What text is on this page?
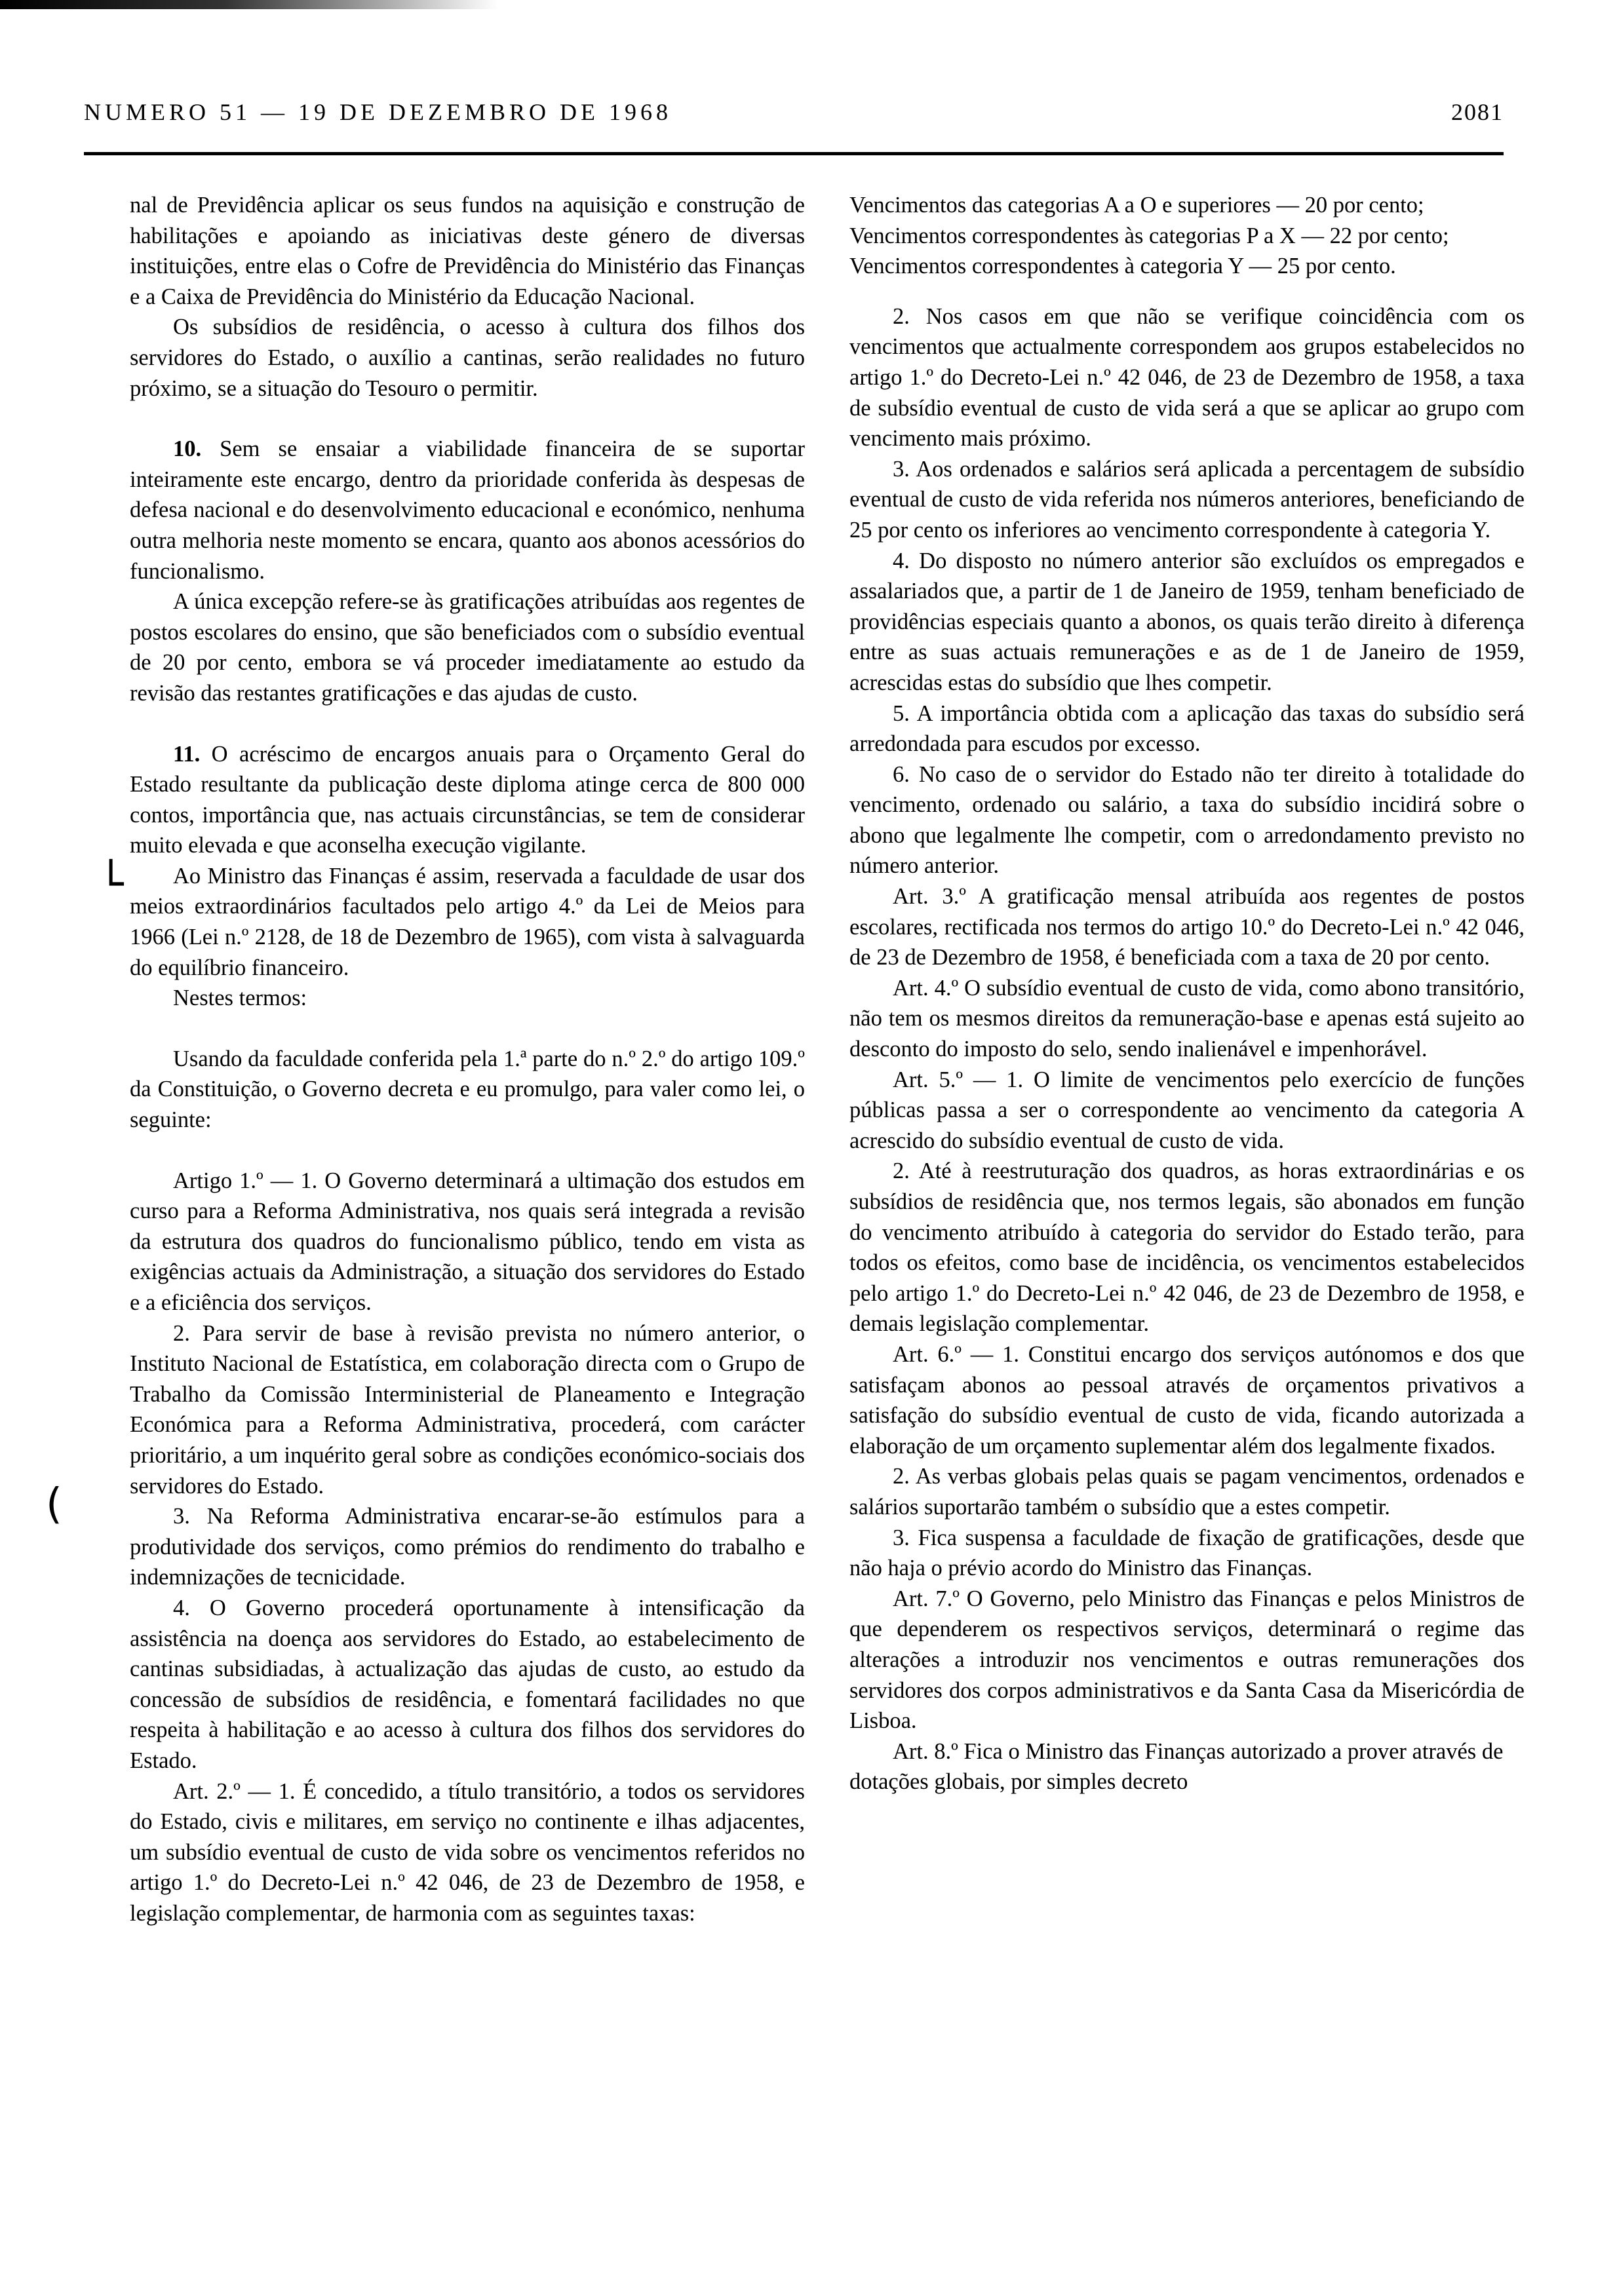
NUMERO 51 — 19 DE DEZEMBRO DE 1968	2081
└
(

nal de Previdência aplicar os seus fundos na aquisição e construção de habilitações e apoiando as iniciativas deste género de diversas instituições, entre elas o Cofre de Previdência do Ministério das Finanças e a Caixa de Previdência do Ministério da Educação Nacional.

Os subsídios de residência, o acesso à cultura dos filhos dos servidores do Estado, o auxílio a cantinas, serão realidades no futuro próximo, se a situação do Tesouro o permitir.

10. Sem se ensaiar a viabilidade financeira de se suportar inteiramente este encargo, dentro da prioridade conferida às despesas de defesa nacional e do desenvolvimento educacional e económico, nenhuma outra melhoria neste momento se encara, quanto aos abonos acessórios do funcionalismo.

A única excepção refere-se às gratificações atribuídas aos regentes de postos escolares do ensino, que são beneficiados com o subsídio eventual de 20 por cento, embora se vá proceder imediatamente ao estudo da revisão das restantes gratificações e das ajudas de custo.

11. O acréscimo de encargos anuais para o Orçamento Geral do Estado resultante da publicação deste diploma atinge cerca de 800 000 contos, importância que, nas actuais circunstâncias, se tem de considerar muito elevada e que aconselha execução vigilante.

Ao Ministro das Finanças é assim, reservada a faculdade de usar dos meios extraordinários facultados pelo artigo 4.º da Lei de Meios para 1966 (Lei n.º 2128, de 18 de Dezembro de 1965), com vista à salvaguarda do equilíbrio financeiro.

Nestes termos:

Usando da faculdade conferida pela 1.ª parte do n.º 2.º do artigo 109.º da Constituição, o Governo decreta e eu promulgo, para valer como lei, o seguinte:

Artigo 1.º — 1. O Governo determinará a ultimação dos estudos em curso para a Reforma Administrativa, nos quais será integrada a revisão da estrutura dos quadros do funcionalismo público, tendo em vista as exigências actuais da Administração, a situação dos servidores do Estado e a eficiência dos serviços.

2. Para servir de base à revisão prevista no número anterior, o Instituto Nacional de Estatística, em colaboração directa com o Grupo de Trabalho da Comissão Interministerial de Planeamento e Integração Económica para a Reforma Administrativa, procederá, com carácter prioritário, a um inquérito geral sobre as condições económico-sociais dos servidores do Estado.

3. Na Reforma Administrativa encarar-se-ão estímulos para a produtividade dos serviços, como prémios do rendimento do trabalho e indemnizações de tecnicidade.

4. O Governo procederá oportunamente à intensificação da assistência na doença aos servidores do Estado, ao estabelecimento de cantinas subsidiadas, à actualização das ajudas de custo, ao estudo da concessão de subsídios de residência, e fomentará facilidades no que respeita à habilitação e ao acesso à cultura dos filhos dos servidores do Estado.

Art. 2.º — 1. É concedido, a título transitório, a todos os servidores do Estado, civis e militares, em serviço no continente e ilhas adjacentes, um subsídio eventual de custo de vida sobre os vencimentos referidos no artigo 1.º do Decreto-Lei n.º 42 046, de 23 de Dezembro de 1958, e legislação complementar, de harmonia com as seguintes taxas:

Vencimentos das categorias A a O e superiores — 20 por cento;

Vencimentos correspondentes às categorias P a X — 22 por cento;

Vencimentos correspondentes à categoria Y — 25 por cento.

2. Nos casos em que não se verifique coincidência com os vencimentos que actualmente correspondem aos grupos estabelecidos no artigo 1.º do Decreto-Lei n.º 42 046, de 23 de Dezembro de 1958, a taxa de subsídio eventual de custo de vida será a que se aplicar ao grupo com vencimento mais próximo.

3. Aos ordenados e salários será aplicada a percentagem de subsídio eventual de custo de vida referida nos números anteriores, beneficiando de 25 por cento os inferiores ao vencimento correspondente à categoria Y.

4. Do disposto no número anterior são excluídos os empregados e assalariados que, a partir de 1 de Janeiro de 1959, tenham beneficiado de providências especiais quanto a abonos, os quais terão direito à diferença entre as suas actuais remunerações e as de 1 de Janeiro de 1959, acrescidas estas do subsídio que lhes competir.

5. A importância obtida com a aplicação das taxas do subsídio será arredondada para escudos por excesso.

6. No caso de o servidor do Estado não ter direito à totalidade do vencimento, ordenado ou salário, a taxa do subsídio incidirá sobre o abono que legalmente lhe competir, com o arredondamento previsto no número anterior.

Art. 3.º A gratificação mensal atribuída aos regentes de postos escolares, rectificada nos termos do artigo 10.º do Decreto-Lei n.º 42 046, de 23 de Dezembro de 1958, é beneficiada com a taxa de 20 por cento.

Art. 4.º O subsídio eventual de custo de vida, como abono transitório, não tem os mesmos direitos da remuneração-base e apenas está sujeito ao desconto do imposto do selo, sendo inalienável e impenhorável.

Art. 5.º — 1. O limite de vencimentos pelo exercício de funções públicas passa a ser o correspondente ao vencimento da categoria A acrescido do subsídio eventual de custo de vida.

2. Até à reestruturação dos quadros, as horas extraordinárias e os subsídios de residência que, nos termos legais, são abonados em função do vencimento atribuído à categoria do servidor do Estado terão, para todos os efeitos, como base de incidência, os vencimentos estabelecidos pelo artigo 1.º do Decreto-Lei n.º 42 046, de 23 de Dezembro de 1958, e demais legislação complementar.

Art. 6.º — 1. Constitui encargo dos serviços autónomos e dos que satisfaçam abonos ao pessoal através de orçamentos privativos a satisfação do subsídio eventual de custo de vida, ficando autorizada a elaboração de um orçamento suplementar além dos legalmente fixados.

2. As verbas globais pelas quais se pagam vencimentos, ordenados e salários suportarão também o subsídio que a estes competir.

3. Fica suspensa a faculdade de fixação de gratificações, desde que não haja o prévio acordo do Ministro das Finanças.

Art. 7.º O Governo, pelo Ministro das Finanças e pelos Ministros de que dependerem os respectivos serviços, determinará o regime das alterações a introduzir nos vencimentos e outras remunerações dos servidores dos corpos administrativos e da Santa Casa da Misericórdia de Lisboa.

Art. 8.º Fica o Ministro das Finanças autorizado a prover através de dotações globais, por simples decreto
